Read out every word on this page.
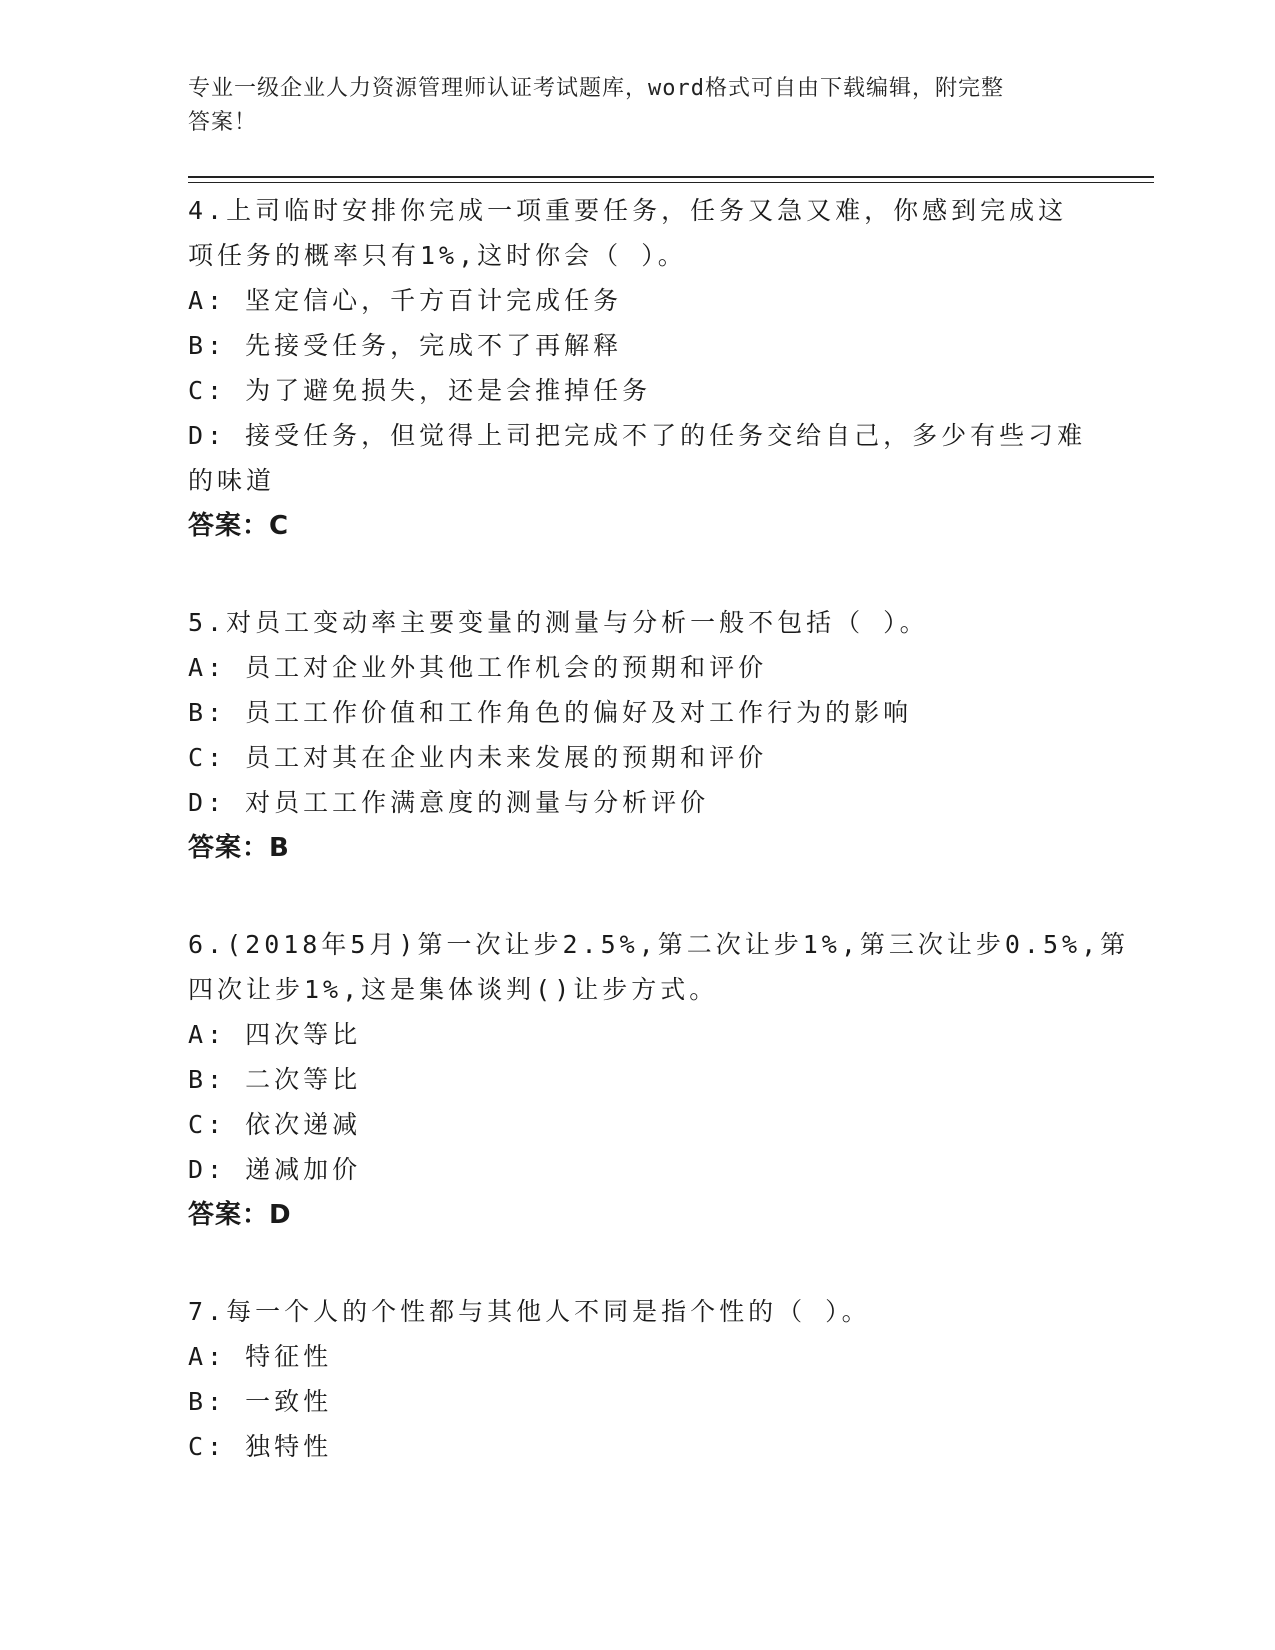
专业一级企业人力资源管理师认证考试题库，word格式可自由下载编辑，附完整
答案！
4.上司临时安排你完成一项重要任务，任务又急又难，你感到完成这
项任务的概率只有1%,这时你会（ ）。
A: 坚定信心，千方百计完成任务
B: 先接受任务，完成不了再解释
C: 为了避免损失，还是会推掉任务
D: 接受任务，但觉得上司把完成不了的任务交给自己，多少有些刁难
的味道
答案：C
5.对员工变动率主要变量的测量与分析一般不包括（ ）。
A: 员工对企业外其他工作机会的预期和评价
B: 员工工作价值和工作角色的偏好及对工作行为的影响
C: 员工对其在企业内未来发展的预期和评价
D: 对员工工作满意度的测量与分析评价
答案：B
6.(2018年5月)第一次让步2.5%,第二次让步1%,第三次让步0.5%,第
四次让步1%,这是集体谈判()让步方式。
A: 四次等比
B: 二次等比
C: 依次递减
D: 递减加价
答案：D
7.每一个人的个性都与其他人不同是指个性的（ ）。
A: 特征性
B: 一致性
C: 独特性
